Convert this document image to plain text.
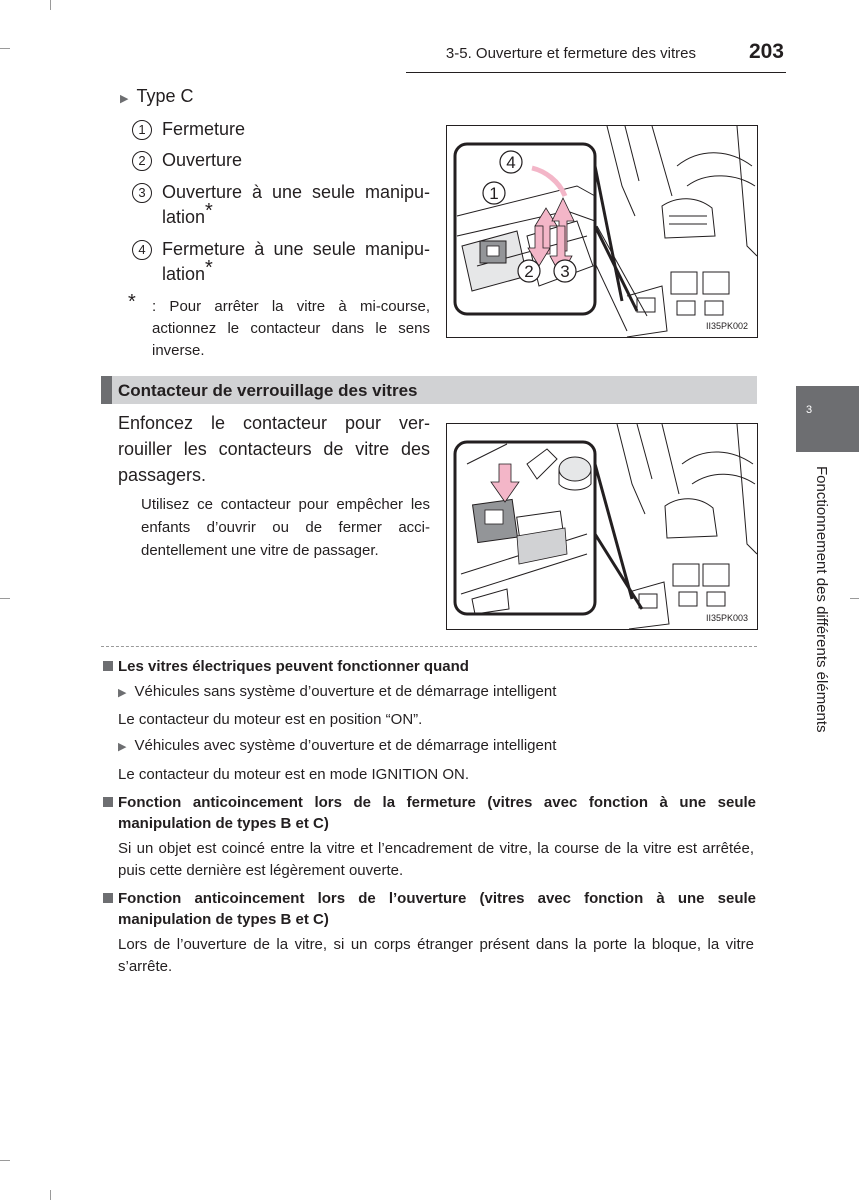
3-5. Ouverture et fermeture des vitres	203
▶ Type C
1 Fermeture
2 Ouverture
3 Ouverture à une seule manipu-lation*
4 Fermeture à une seule manipu-lation*
* : Pour arrêter la vitre à mi-course, actionnez le contacteur dans le sens inverse.
4
1
2 3
II35PK002
Contacteur de verrouillage des vitres
Enfoncez le contacteur pour ver-rouiller les contacteurs de vitre des passagers.
Utilisez ce contacteur pour empêcher les enfants d’ouvrir ou de fermer acci-dentellement une vitre de passager.
II35PK003
Les vitres électriques peuvent fonctionner quand
▶ Véhicules sans système d’ouverture et de démarrage intelligent
Le contacteur du moteur est en position “ON”.
▶ Véhicules avec système d’ouverture et de démarrage intelligent
Le contacteur du moteur est en mode IGNITION ON.
Fonction anticoincement lors de la fermeture (vitres avec fonction à une seule manipulation de types B et C)
Si un objet est coincé entre la vitre et l’encadrement de vitre, la course de la vitre est arrêtée, puis cette dernière est légèrement ouverte.
Fonction anticoincement lors de l’ouverture (vitres avec fonction à une seule manipulation de types B et C)
Lors de l’ouverture de la vitre, si un corps étranger présent dans la porte la bloque, la vitre s’arrête.
3
Fonctionnement des différents éléments
